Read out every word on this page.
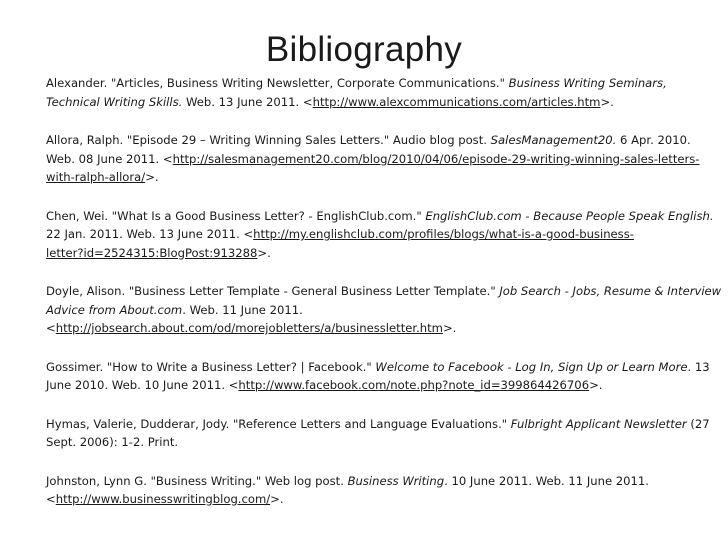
Bibliography
Alexander. "Articles, Business Writing Newsletter, Corporate Communications." Business Writing Seminars,
Technical Writing Skills. Web. 13 June 2011. <http://www.alexcommunications.com/articles.htm>.
Allora, Ralph. "Episode 29 – Writing Winning Sales Letters." Audio blog post. SalesManagement20. 6 Apr. 2010.
Web. 08 June 2011. <http://salesmanagement20.com/blog/2010/04/06/episode-29-writing-winning-sales-letters-
with-ralph-allora/>.
Chen, Wei. "What Is a Good Business Letter? - EnglishClub.com." EnglishClub.com - Because People Speak English.
22 Jan. 2011. Web. 13 June 2011. <http://my.englishclub.com/profiles/blogs/what-is-a-good-business-
letter?id=2524315:BlogPost:913288>.
Doyle, Alison. "Business Letter Template - General Business Letter Template." Job Search - Jobs, Resume & Interview
Advice from About.com. Web. 11 June 2011.
<http://jobsearch.about.com/od/morejobletters/a/businessletter.htm>.
Gossimer. "How to Write a Business Letter? | Facebook." Welcome to Facebook - Log In, Sign Up or Learn More. 13
June 2010. Web. 10 June 2011. <http://www.facebook.com/note.php?note_id=399864426706>.
Hymas, Valerie, Dudderar, Jody. "Reference Letters and Language Evaluations." Fulbright Applicant Newsletter (27
Sept. 2006): 1-2. Print.
Johnston, Lynn G. "Business Writing." Web log post. Business Writing. 10 June 2011. Web. 11 June 2011.
<http://www.businesswritingblog.com/>.
